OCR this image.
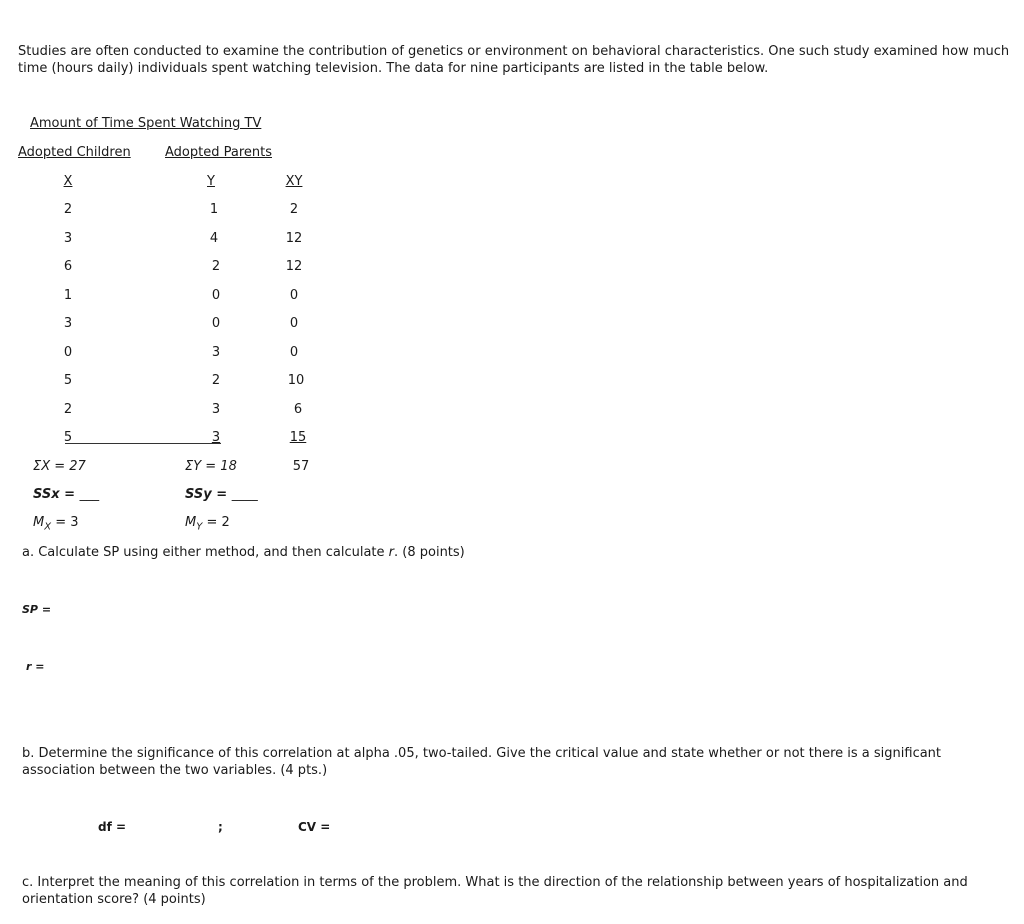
Studies are often conducted to examine the contribution of genetics or environment on behavioral characteristics. One such study examined how much time (hours daily) individuals spent watching television. The data for nine participants are listed in the table below.
Amount of Time Spent Watching TV
Adopted Children	Adopted Parents
X	Y	XY
2	1	2
3	4	12
6	2	12
1	0	0
3	0	0
0	3	0
5	2	10
2	3	6
5	3	15
ΣX = 27	ΣY = 18	57
SSx = ___	SSy = ____
$M_X = 3$	$M_Y = 2$
a. Calculate SP using either method, and then calculate r. (8 points)
SP =
r =
b. Determine the significance of this correlation at alpha .05, two-tailed. Give the critical value and state whether or not there is a significant association between the two variables. (4 pts.)
df =	;	CV =
c. Interpret the meaning of this correlation in terms of the problem. What is the direction of the relationship between years of hospitalization and orientation score? (4 points)
